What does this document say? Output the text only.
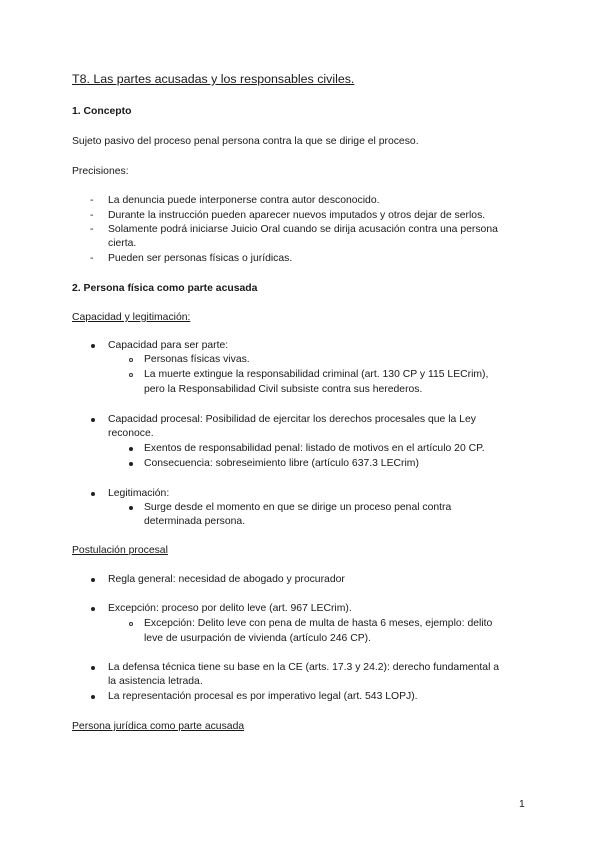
T8. Las partes acusadas y los responsables civiles.
1. Concepto
Sujeto pasivo del proceso penal persona contra la que se dirige el proceso.
Precisiones:
- La denuncia puede interponerse contra autor desconocido.
- Durante la instrucción pueden aparecer nuevos imputados y otros dejar de serlos.
- Solamente podrá iniciarse Juicio Oral cuando se dirija acusación contra una persona
cierta.
- Pueden ser personas físicas o jurídicas.
2. Persona física como parte acusada
Capacidad y legitimación:
Capacidad para ser parte:
Personas físicas vivas.
La muerte extingue la responsabilidad criminal (art. 130 CP y 115 LECrim),
pero la Responsabilidad Civil subsiste contra sus herederos.
Capacidad procesal: Posibilidad de ejercitar los derechos procesales que la Ley
reconoce.
Exentos de responsabilidad penal: listado de motivos en el artículo 20 CP.
Consecuencia: sobreseimiento libre (artículo 637.3 LECrim)
Legitimación:
Surge desde el momento en que se dirige un proceso penal contra
determinada persona.
Postulación procesal
Regla general: necesidad de abogado y procurador
Excepción: proceso por delito leve (art. 967 LECrim).
Excepción: Delito leve con pena de multa de hasta 6 meses, ejemplo: delito
leve de usurpación de vivienda (artículo 246 CP).
La defensa técnica tiene su base en la CE (arts. 17.3 y 24.2): derecho fundamental a
la asistencia letrada.
La representación procesal es por imperativo legal (art. 543 LOPJ).
Persona jurídica como parte acusada
1
